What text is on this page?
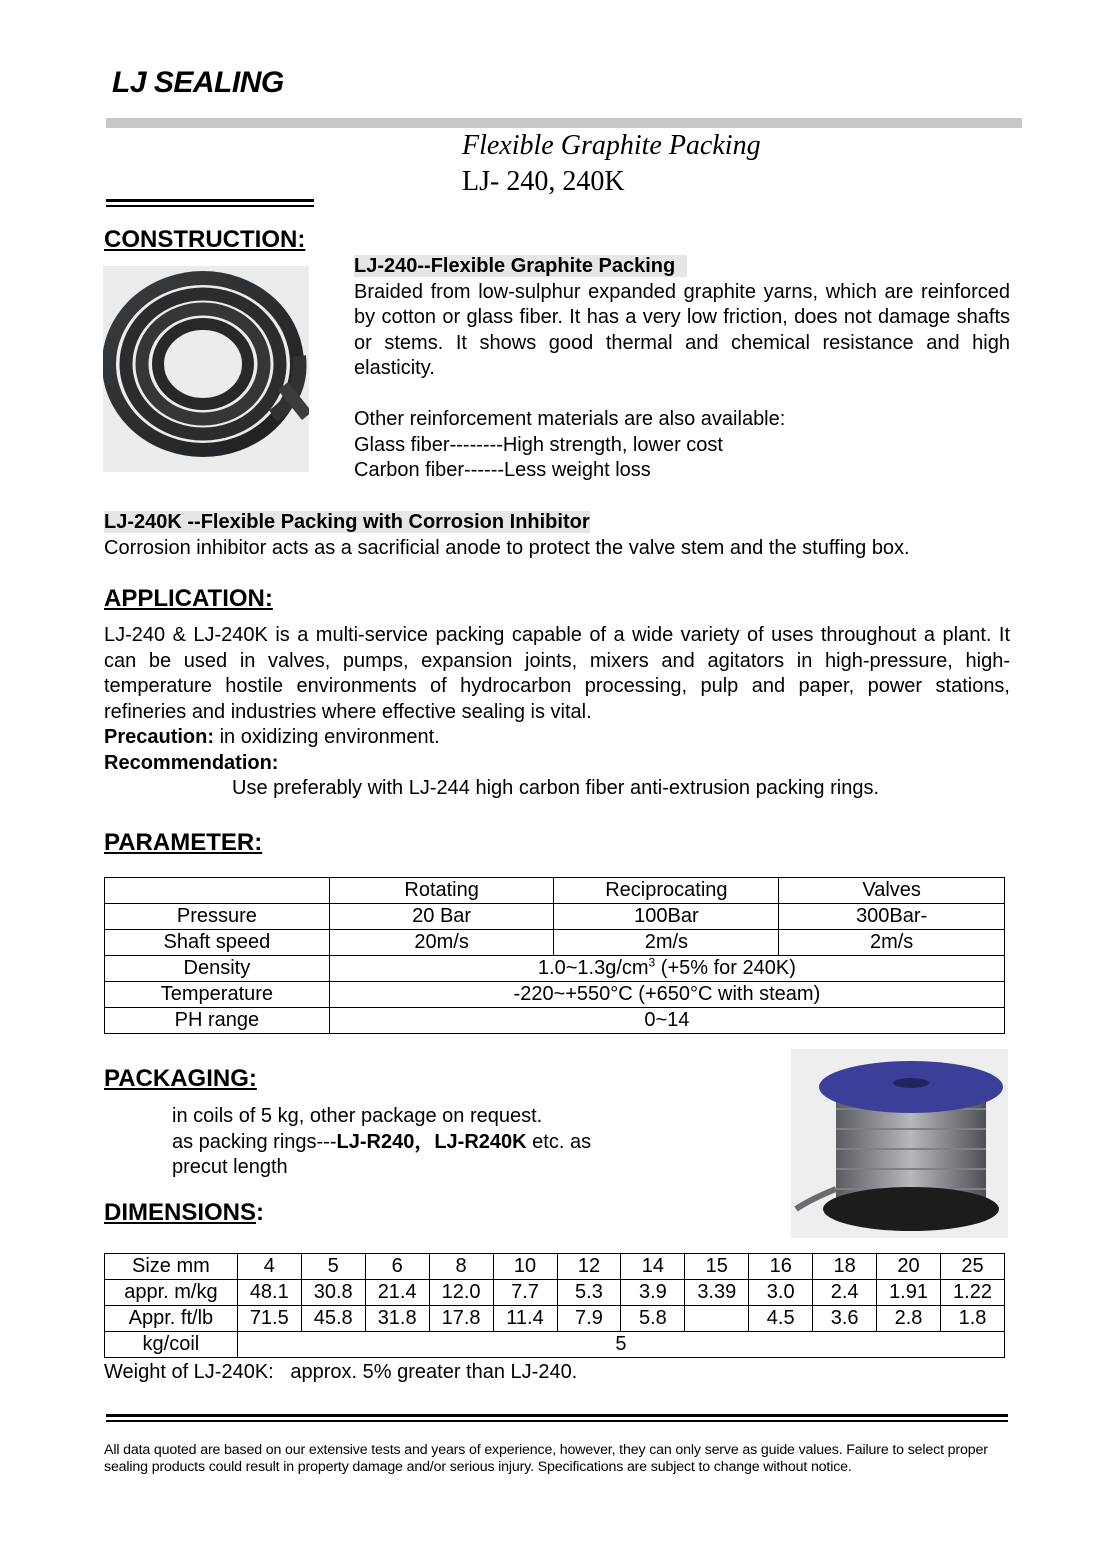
LJ SEALING
Flexible Graphite Packing
LJ- 240, 240K
CONSTRUCTION:
LJ-240--Flexible Graphite Packing
Braided from low-sulphur expanded graphite yarns, which are reinforced by cotton or glass fiber. It has a very low friction, does not damage shafts or stems. It shows good thermal and chemical resistance and high elasticity.
Other reinforcement materials are also available:
Glass fiber--------High strength, lower cost
Carbon fiber------Less weight loss
LJ-240K --Flexible Packing with Corrosion Inhibitor
Corrosion inhibitor acts as a sacrificial anode to protect the valve stem and the stuffing box.
APPLICATION:
LJ-240 & LJ-240K is a multi-service packing capable of a wide variety of uses throughout a plant. It can be used in valves, pumps, expansion joints, mixers and agitators in high-pressure, high-temperature hostile environments of hydrocarbon processing, pulp and paper, power stations, refineries and industries where effective sealing is vital.
Precaution: in oxidizing environment.
Recommendation:
Use preferably with LJ-244 high carbon fiber anti-extrusion packing rings.
PARAMETER:
	Rotating	Reciprocating	Valves
Pressure	20 Bar	100Bar	300Bar-
Shaft speed	20m/s	2m/s	2m/s
Density	$1.0\sim 1.3g/cm^3$ (+5% for 240K)		
Temperature	-220~+550°C (+650°C with steam)		
PH range	0~14		
PACKAGING:
in coils of 5 kg, other package on request.
as packing rings---LJ-R240，LJ-R240K etc. as
precut length
DIMENSIONS:
Size mm	4	5	6	8	10	12	14	15	16	18	20	25
appr. m/kg	48.1	30.8	21.4	12.0	7.7	5.3	3.9	3.39	3.0	2.4	1.91	1.22
Appr. ft/lb	71.5	45.8	31.8	17.8	11.4	7.9	5.8		4.5	3.6	2.8	1.8
kg/coil	5											
Weight of LJ-240K:   approx. 5% greater than LJ-240.
All data quoted are based on our extensive tests and years of experience, however, they can only serve as guide values. Failure to select proper sealing products could result in property damage and/or serious injury. Specifications are subject to change without notice.
